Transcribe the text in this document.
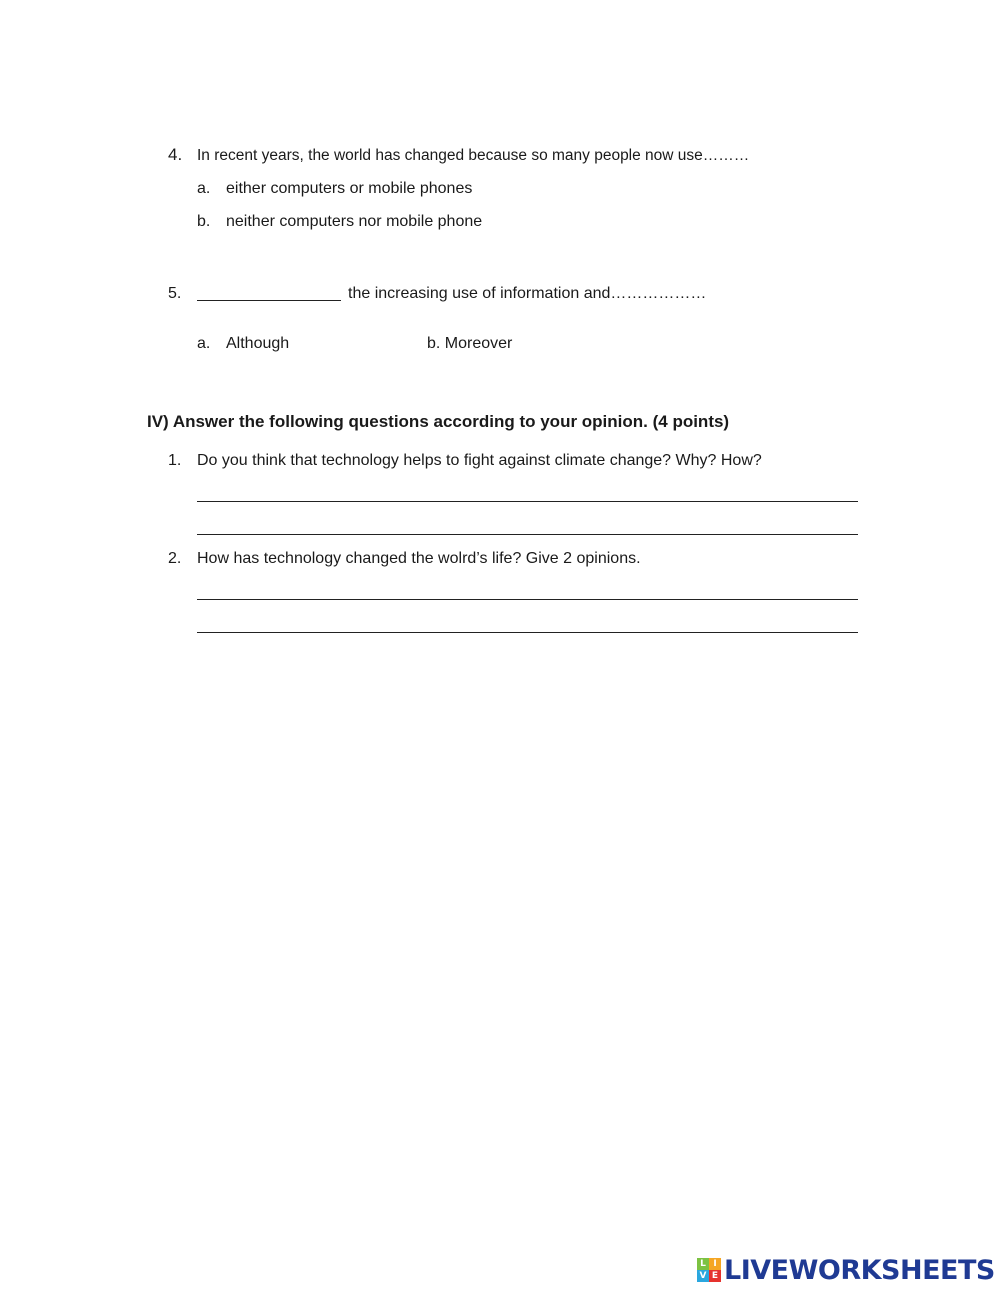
4. In recent years, the world has changed because so many people now use………
a. either computers or mobile phones
b. neither computers nor mobile phone
5.	the increasing use of information and………………
a. Although	b. Moreover
IV) Answer the following questions according to your opinion. (4 points)
1. Do you think that technology helps to fight against climate change? Why? How?
2. How has technology changed the wolrd’s life? Give 2 opinions.
L I
V E LIVEWORKSHEETS
